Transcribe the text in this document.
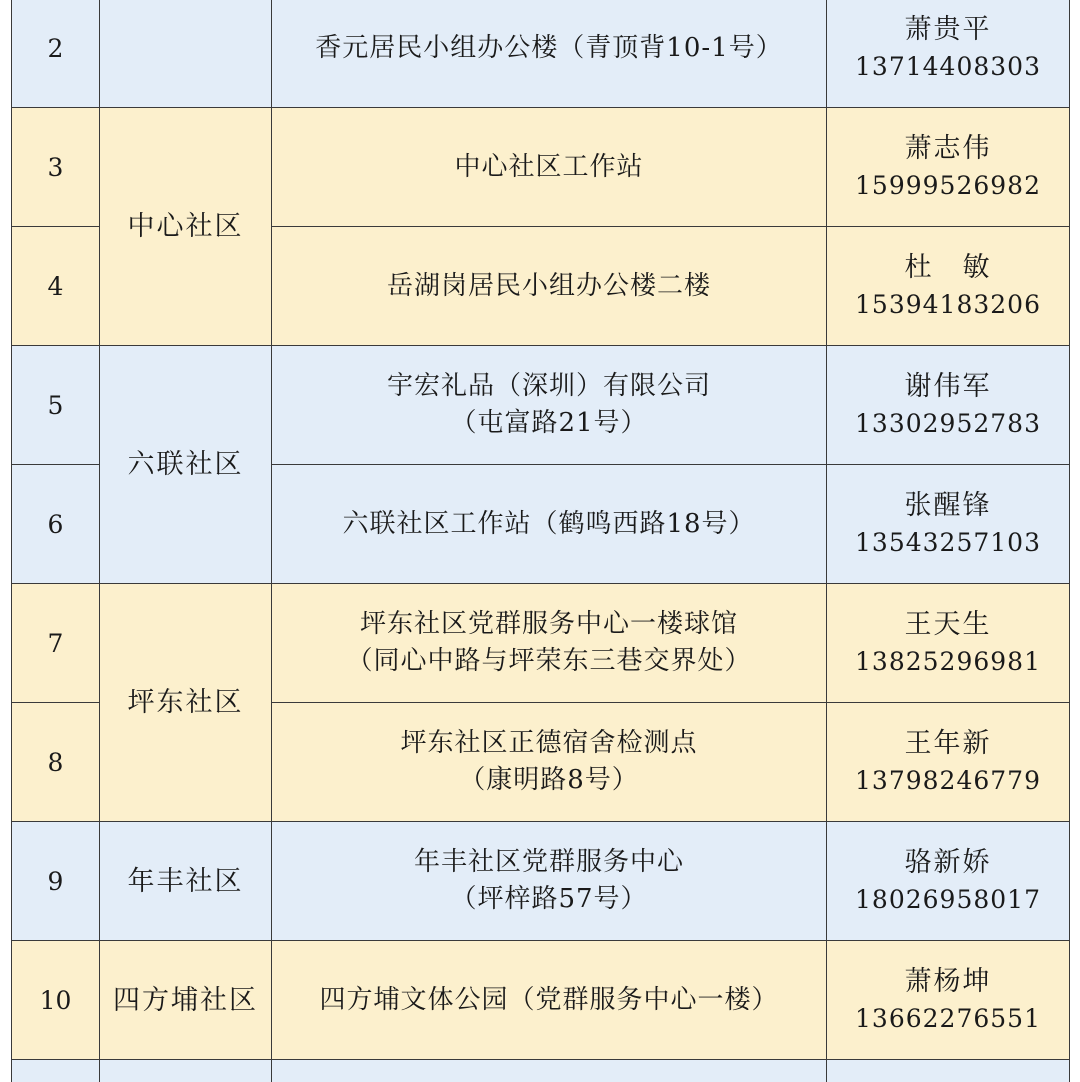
2		香元居民小组办公楼（青顶背10-1号）	萧贵平
13714408303

3	中心社区	中心社区工作站	萧志伟
15999526982

4		岳湖岗居民小组办公楼二楼	杜　敏
15394183206

5	六联社区	宇宏礼品（深圳）有限公司
（屯富路21号）	谢伟军
13302952783

6		六联社区工作站（鹤鸣西路18号）	张醒锋
13543257103

7	坪东社区	坪东社区党群服务中心一楼球馆
（同心中路与坪荣东三巷交界处）	王天生
13825296981

8		坪东社区正德宿舍检测点
（康明路8号）	王年新
13798246779

9	年丰社区	年丰社区党群服务中心
（坪梓路57号）	骆新娇
18026958017

10	四方埔社区	四方埔文体公园（党群服务中心一楼）	萧杨坤
13662276551
